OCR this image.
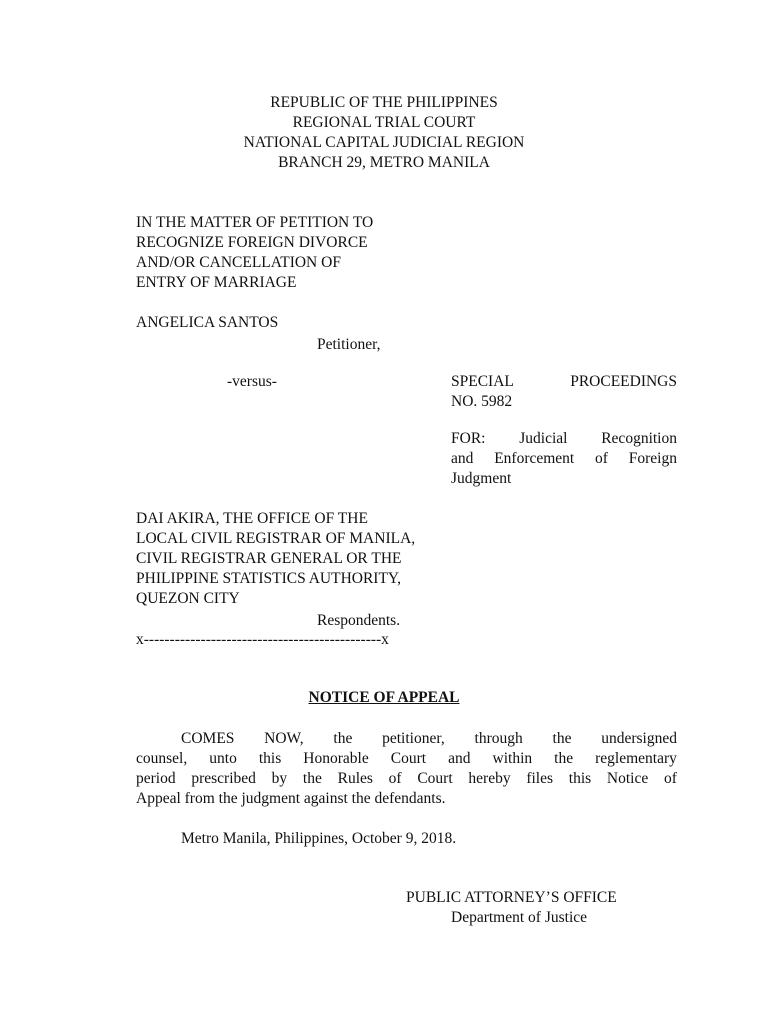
REPUBLIC OF THE PHILIPPINES
REGIONAL TRIAL COURT
NATIONAL CAPITAL JUDICIAL REGION
BRANCH 29, METRO MANILA
IN THE MATTER OF PETITION TO
RECOGNIZE FOREIGN DIVORCE
AND/OR CANCELLATION OF
ENTRY OF MARRIAGE
ANGELICA SANTOS
Petitioner,
-versus-	SPECIAL	PROCEEDINGS
NO. 5982
FOR: Judicial Recognition
and Enforcement of Foreign
Judgment
DAI AKIRA, THE OFFICE OF THE
LOCAL CIVIL REGISTRAR OF MANILA,
CIVIL REGISTRAR GENERAL OR THE
PHILIPPINE STATISTICS AUTHORITY,
QUEZON CITY
Respondents.
x----------------------------------------------x
NOTICE OF APPEAL
COMES NOW, the petitioner, through the undersigned
counsel, unto this Honorable Court and within the reglementary
period prescribed by the Rules of Court hereby files this Notice of
Appeal from the judgment against the defendants.
Metro Manila, Philippines, October 9, 2018.
PUBLIC ATTORNEY’S OFFICE
Department of Justice
